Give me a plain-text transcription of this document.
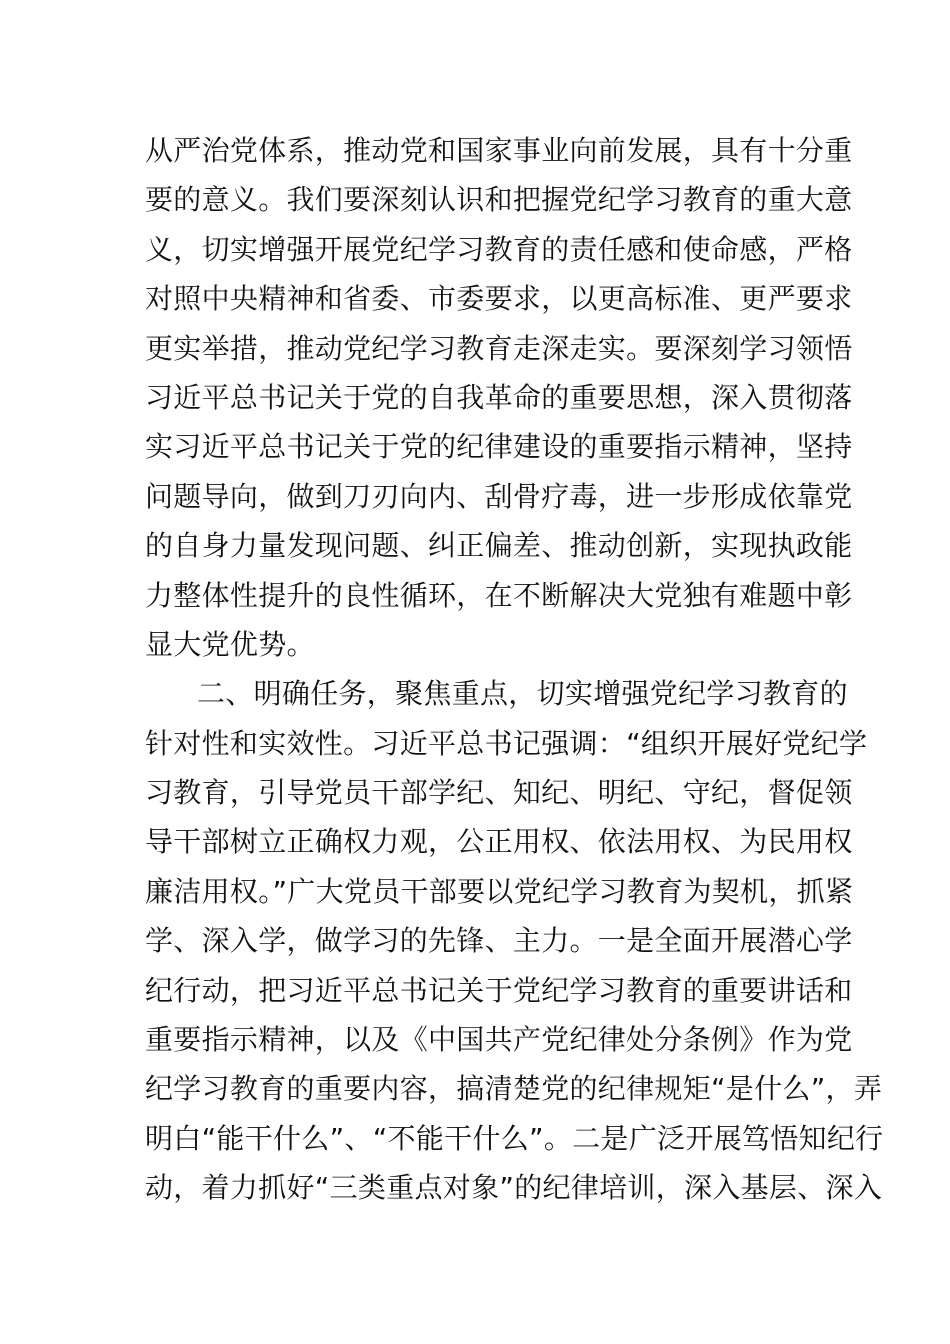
从严治党体系，推动党和国家事业向前发展，具有十分重
要的意义。我们要深刻认识和把握党纪学习教育的重大意
义，切实增强开展党纪学习教育的责任感和使命感，严格
对照中央精神和省委、市委要求，以更高标准、更严要求
更实举措，推动党纪学习教育走深走实。要深刻学习领悟
习近平总书记关于党的自我革命的重要思想，深入贯彻落
实习近平总书记关于党的纪律建设的重要指示精神，坚持
问题导向，做到刀刃向内、刮骨疗毒，进一步形成依靠党
的自身力量发现问题、纠正偏差、推动创新，实现执政能
力整体性提升的良性循环，在不断解决大党独有难题中彰
显大党优势。
二、明确任务，聚焦重点，切实增强党纪学习教育的
针对性和实效性。习近平总书记强调：“组织开展好党纪学
习教育，引导党员干部学纪、知纪、明纪、守纪，督促领
导干部树立正确权力观，公正用权、依法用权、为民用权
廉洁用权。”广大党员干部要以党纪学习教育为契机，抓紧
学、深入学，做学习的先锋、主力。一是全面开展潜心学
纪行动，把习近平总书记关于党纪学习教育的重要讲话和
重要指示精神，以及《中国共产党纪律处分条例》作为党
纪学习教育的重要内容，搞清楚党的纪律规矩“是什么”，弄
明白“能干什么”、“不能干什么”。二是广泛开展笃悟知纪行
动，着力抓好“三类重点对象”的纪律培训，深入基层、深入
